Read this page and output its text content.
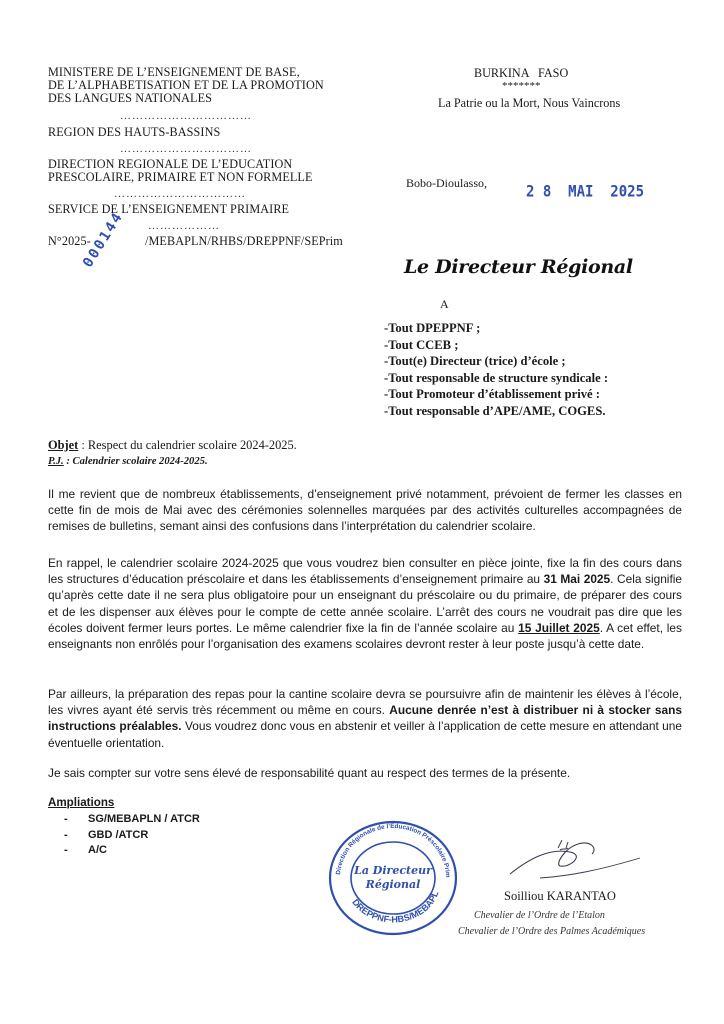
MINISTERE DE L’ENSEIGNEMENT DE BASE,
DE L’ALPHABETISATION ET DE LA PROMOTION
DES LANGUES NATIONALES
……………………………
REGION DES HAUTS-BASSINS
……………………………
DIRECTION REGIONALE DE L’EDUCATION
PRESCOLAIRE, PRIMAIRE ET NON FORMELLE
……………………………
SERVICE DE L’ENSEIGNEMENT PRIMAIRE
………………
N°2025-	/MEBAPLN/RHBS/DREPPNF/SEPrim
000144
BURKINA   FASO
*******
La Patrie ou la Mort, Nous Vaincrons
Bobo-Dioulasso,	2 8  MAI  2025
Le Directeur Régional
A
-Tout DPEPPNF ;
-Tout CCEB ;
-Tout(e) Directeur (trice) d’école ;
-Tout responsable de structure syndicale :
-Tout Promoteur d’établissement privé :
-Tout responsable d’APE/AME, COGES.
Objet : Respect du calendrier scolaire 2024-2025.
P.J. : Calendrier scolaire 2024-2025.
Il me revient que de nombreux établissements, d’enseignement privé notamment, prévoient de fermer les classes en cette fin de mois de Mai avec des cérémonies solennelles marquées par des activités culturelles accompagnées de remises de bulletins, semant ainsi des confusions dans l’interprétation du calendrier scolaire.
En rappel, le calendrier scolaire 2024-2025 que vous voudrez bien consulter en pièce jointe, fixe la fin des cours dans les structures d’éducation préscolaire et dans les établissements d’enseignement primaire au 31 Mai 2025. Cela signifie qu’après cette date il ne sera plus obligatoire pour un enseignant du préscolaire ou du primaire, de préparer des cours et de les dispenser aux élèves pour le compte de cette année scolaire. L’arrêt des cours ne voudrait pas dire que les écoles doivent fermer leurs portes. Le même calendrier fixe la fin de l’année scolaire au 15 Juillet 2025. A cet effet, les enseignants non enrôlés pour l’organisation des examens scolaires devront rester à leur poste jusqu’à cette date.
Par ailleurs, la préparation des repas pour la cantine scolaire devra se poursuivre afin de maintenir les élèves à l’école, les vivres ayant été servis très récemment ou même en cours. Aucune denrée n’est à distribuer ni à stocker sans instructions préalables. Vous voudrez donc vous en abstenir et veiller à l’application de cette mesure en attendant une éventuelle orientation.
Je sais compter sur votre sens élevé de responsabilité quant au respect des termes de la présente.
Ampliations
- SG/MEBAPLN / ATCR
- GBD /ATCR
- A/C
Direction Régionale de l’Education Préscolaire Prim
DREPPNF-HBS/MEBAPL
La Directeur
Régional
Soilliou KARANTAO
Chevalier de l’Ordre de l’Etalon
Chevalier de l’Ordre des Palmes Académiques
